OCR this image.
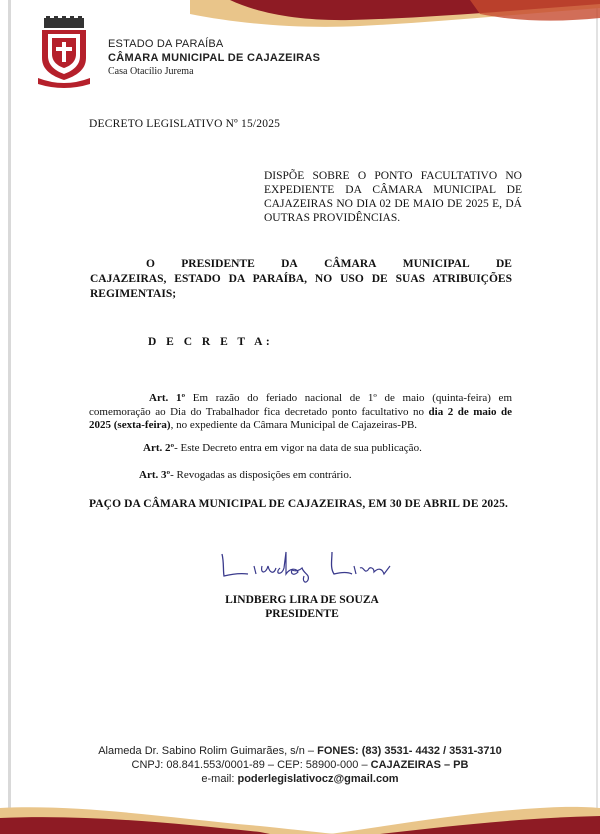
ESTADO DA PARAÍBA
CÂMARA MUNICIPAL DE CAJAZEIRAS
Casa Otacílio Jurema
DECRETO LEGISLATIVO Nº 15/2025
DISPÕE SOBRE O PONTO FACULTATIVO NO EXPEDIENTE DA CÂMARA MUNICIPAL DE CAJAZEIRAS NO DIA 02 DE MAIO DE 2025 E, DÁ OUTRAS PROVIDÊNCIAS.
O PRESIDENTE DA CÂMARA MUNICIPAL DE
CAJAZEIRAS, ESTADO DA PARAÍBA, NO USO DE SUAS ATRIBUIÇÕES REGIMENTAIS;
D E C R E T A:
Art. 1º Em razão do feriado nacional de 1º de maio (quinta-feira) em comemoração ao Dia do Trabalhador fica decretado ponto facultativo no dia 2 de maio de 2025 (sexta-feira), no expediente da Câmara Municipal de Cajazeiras-PB.
Art. 2º- Este Decreto entra em vigor na data de sua publicação.
Art. 3º- Revogadas as disposições em contrário.
PAÇO DA CÂMARA MUNICIPAL DE CAJAZEIRAS, EM 30 DE ABRIL DE 2025.
LINDBERG LIRA DE SOUZA
PRESIDENTE
Alameda Dr. Sabino Rolim Guimarães, s/n – FONES: (83) 3531- 4432 / 3531-3710
CNPJ: 08.841.553/0001-89 – CEP: 58900-000 – CAJAZEIRAS – PB
e-mail: poderlegislativocz@gmail.com
